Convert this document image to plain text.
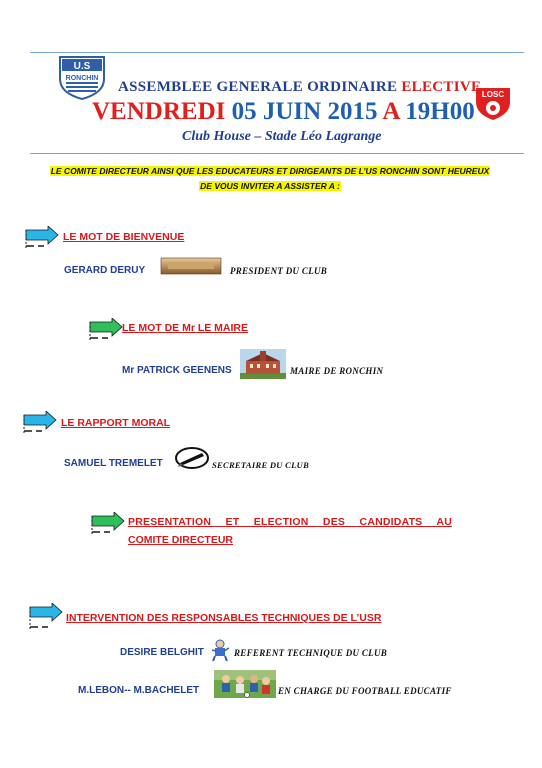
U.S
RONCHIN
LOSC
ASSEMBLEE GENERALE ORDINAIRE ELECTIVE
VENDREDI 05 JUIN 2015 A 19H00
Club House – Stade Léo Lagrange
LE COMITE DIRECTEUR AINSI QUE LES EDUCATEURS ET DIRIGEANTS DE L’US RONCHIN SONT HEUREUX
DE VOUS INVITER A ASSISTER A :
LE MOT DE BIENVENUE
GERARD DERUY	PRESIDENT DU CLUB
LE MOT DE Mr LE MAIRE
Mr PATRICK GEENENS	MAIRE DE RONCHIN
LE RAPPORT MORAL
SAMUEL TREMELET	SECRETAIRE DU CLUB
PRESENTATION ET ELECTION DES CANDIDATS AU
COMITE DIRECTEUR
INTERVENTION DES RESPONSABLES TECHNIQUES DE L’USR
DESIRE BELGHIT	REFERENT TECHNIQUE DU CLUB
M.LEBON-- M.BACHELET	EN CHARGE DU FOOTBALL EDUCATIF
